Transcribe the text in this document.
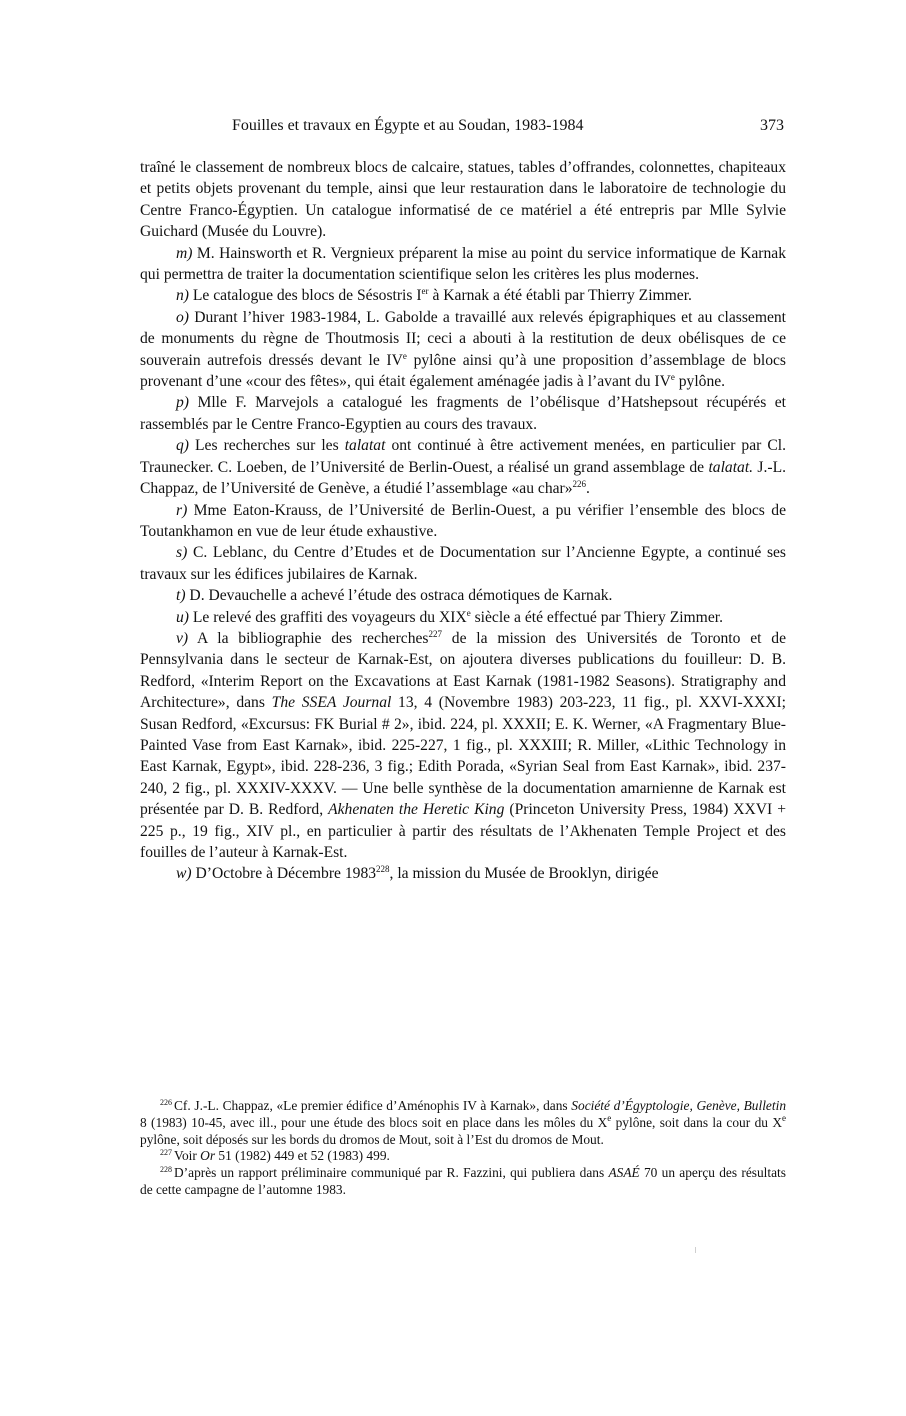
Fouilles et travaux en Égypte et au Soudan, 1983-1984	373

traîné le classement de nombreux blocs de calcaire, statues, tables d’offrandes, colonnettes, chapiteaux et petits objets provenant du temple, ainsi que leur restauration dans le laboratoire de technologie du Centre Franco-Égyptien. Un catalogue informatisé de ce matériel a été entrepris par Mlle Sylvie Guichard (Musée du Louvre).

m) M. Hainsworth et R. Vergnieux préparent la mise au point du service informatique de Karnak qui permettra de traiter la documentation scientifique selon les critères les plus modernes.

n) Le catalogue des blocs de Sésostris Ier à Karnak a été établi par Thierry Zimmer.

o) Durant l’hiver 1983-1984, L. Gabolde a travaillé aux relevés épigraphiques et au classement de monuments du règne de Thoutmosis II; ceci a abouti à la restitution de deux obélisques de ce souverain autrefois dressés devant le IVe pylône ainsi qu’à une proposition d’assemblage de blocs provenant d’une «cour des fêtes», qui était également aménagée jadis à l’avant du IVe pylône.

p) Mlle F. Marvejols a catalogué les fragments de l’obélisque d’Hatshepsout récupérés et rassemblés par le Centre Franco-Egyptien au cours des travaux.

q) Les recherches sur les talatat ont continué à être activement menées, en particulier par Cl. Traunecker. C. Loeben, de l’Université de Berlin-Ouest, a réalisé un grand assemblage de talatat. J.-L. Chappaz, de l’Université de Genève, a étudié l’assemblage «au char»$^{226}$.

r) Mme Eaton-Krauss, de l’Université de Berlin-Ouest, a pu vérifier l’ensemble des blocs de Toutankhamon en vue de leur étude exhaustive.

s) C. Leblanc, du Centre d’Etudes et de Documentation sur l’Ancienne Egypte, a continué ses travaux sur les édifices jubilaires de Karnak.

t) D. Devauchelle a achevé l’étude des ostraca démotiques de Karnak.

u) Le relevé des graffiti des voyageurs du XIXe siècle a été effectué par Thiery Zimmer.

v) A la bibliographie des recherches$^{227}$ de la mission des Universités de Toronto et de Pennsylvania dans le secteur de Karnak-Est, on ajoutera diverses publications du fouilleur: D. B. Redford, «Interim Report on the Excavations at East Karnak (1981-1982 Seasons). Stratigraphy and Architecture», dans The SSEA Journal 13, 4 (Novembre 1983) 203-223, 11 fig., pl. XXVI-XXXI; Susan Redford, «Excursus: FK Burial # 2», ibid. 224, pl. XXXII; E. K. Werner, «A Fragmentary Blue-Painted Vase from East Karnak», ibid. 225-227, 1 fig., pl. XXXIII; R. Miller, «Lithic Technology in East Karnak, Egypt», ibid. 228-236, 3 fig.; Edith Porada, «Syrian Seal from East Karnak», ibid. 237-240, 2 fig., pl. XXXIV-XXXV. — Une belle synthèse de la documentation amarnienne de Karnak est présentée par D. B. Redford, Akhenaten the Heretic King (Princeton University Press, 1984) XXVI + 225 p., 19 fig., XIV pl., en particulier à partir des résultats de l’Akhenaten Temple Project et des fouilles de l’auteur à Karnak-Est.

w) D’Octobre à Décembre 1983$^{228}$, la mission du Musée de Brooklyn, dirigée

$^{226}$ Cf. J.-L. Chappaz, «Le premier édifice d’Aménophis IV à Karnak», dans Société d’Égyptologie, Genève, Bulletin 8 (1983) 10-45, avec ill., pour une étude des blocs soit en place dans les môles du Xe pylône, soit dans la cour du Xe pylône, soit déposés sur les bords du dromos de Mout, soit à l’Est du dromos de Mout.

$^{227}$ Voir Or 51 (1982) 449 et 52 (1983) 499.

$^{228}$ D’après un rapport préliminaire communiqué par R. Fazzini, qui publiera dans ASAÉ 70 un aperçu des résultats de cette campagne de l’automne 1983.
